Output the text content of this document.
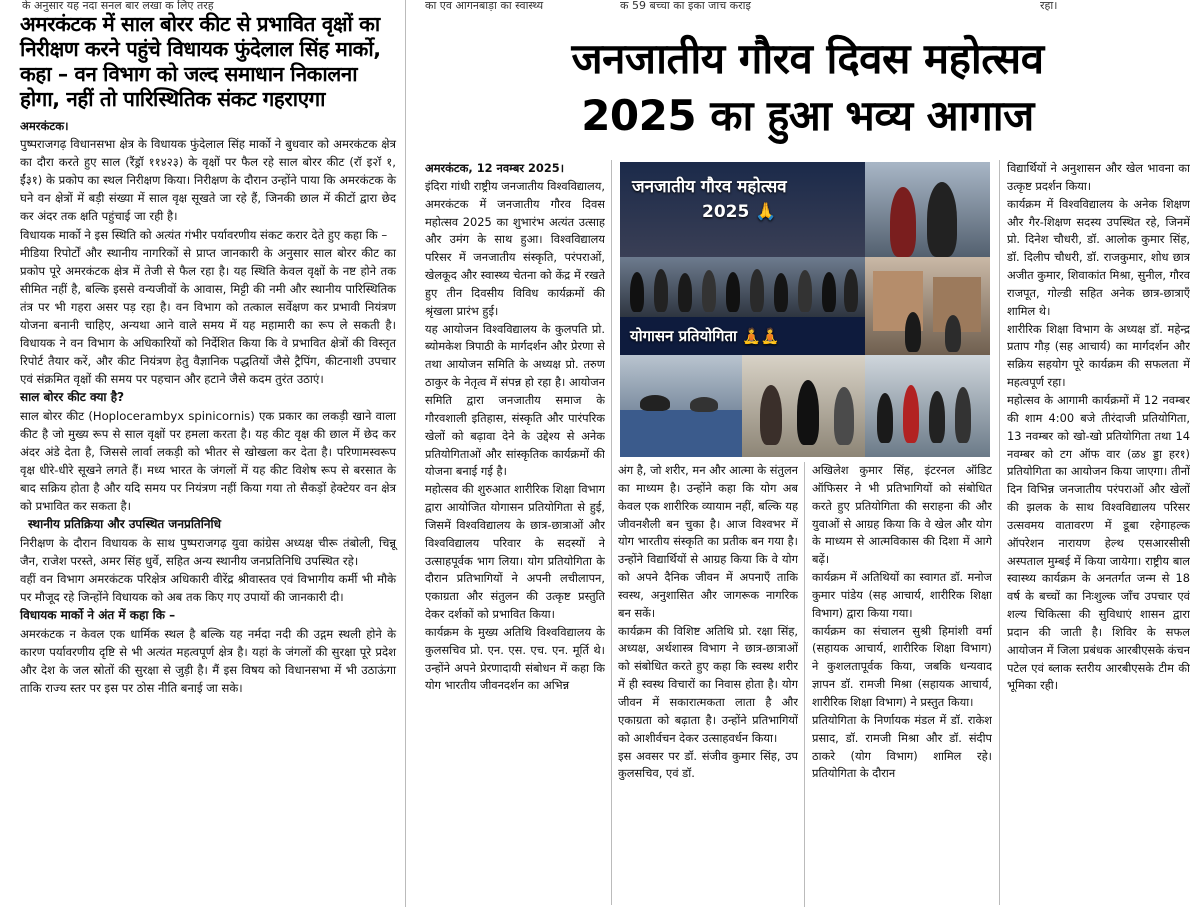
के अनुसार यह नदा सनल बार लखा क लिए तरह	का एव आगनबाड़ा का स्वास्थ्य	क 59 बच्चा का इका जाच कराइ	रहा।
अमरकंटक में साल बोरर कीट से प्रभावित वृक्षों का निरीक्षण करने पहुंचे विधायक फुंदेलाल सिंह मार्को, कहा – वन विभाग को जल्द समाधान निकालना होगा, नहीं तो पारिस्थितिक संकट गहराएगा

अमरकंटक।

पुष्पराजगढ़ विधानसभा क्षेत्र के विधायक फुंदेलाल सिंह मार्को ने बुधवार को अमरकंटक क्षेत्र का दौरा करते हुए साल (रैंड्रॉ ११४२३) के वृक्षों पर फैल रहे साल बोरर कीट (रॉ इ२ॉ १, ईं३१) के प्रकोप का स्थल निरीक्षण किया। निरीक्षण के दौरान उन्होंने पाया कि अमरकंटक के घने वन क्षेत्रों में बड़ी संख्या में साल वृक्ष सूखते जा रहे हैं, जिनकी छाल में कीटों द्वारा छेद कर अंदर तक क्षति पहुंचाई जा रही है।

विधायक मार्को ने इस स्थिति को अत्यंत गंभीर पर्यावरणीय संकट करार देते हुए कहा कि –

मीडिया रिपोर्टों और स्थानीय नागरिकों से प्राप्त जानकारी के अनुसार साल बोरर कीट का प्रकोप पूरे अमरकंटक क्षेत्र में तेजी से फैल रहा है। यह स्थिति केवल वृक्षों के नष्ट होने तक सीमित नहीं है, बल्कि इससे वन्यजीवों के आवास, मिट्टी की नमी और स्थानीय पारिस्थितिक तंत्र पर भी गहरा असर पड़ रहा है। वन विभाग को तत्काल सर्वेक्षण कर प्रभावी नियंत्रण योजना बनानी चाहिए, अन्यथा आने वाले समय में यह महामारी का रूप ले सकती है। विधायक ने वन विभाग के अधिकारियों को निर्देशित किया कि वे प्रभावित क्षेत्रों की विस्तृत रिपोर्ट तैयार करें, और कीट नियंत्रण हेतु वैज्ञानिक पद्धतियों जैसे ट्रैपिंग, कीटनाशी उपचार एवं संक्रमित वृक्षों की समय पर पहचान और हटाने जैसे कदम तुरंत उठाएं।

साल बोरर कीट क्या है?

साल बोरर कीट (Hoplocerambyx spinicornis) एक प्रकार का लकड़ी खाने वाला कीट है जो मुख्य रूप से साल वृक्षों पर हमला करता है। यह कीट वृक्ष की छाल में छेद कर अंदर अंडे देता है, जिससे लार्वा लकड़ी को भीतर से खोखला कर देता है। परिणामस्वरूप वृक्ष धीरे-धीरे सूखने लगते हैं। मध्य भारत के जंगलों में यह कीट विशेष रूप से बरसात के बाद सक्रिय होता है और यदि समय पर नियंत्रण नहीं किया गया तो सैकड़ों हेक्टेयर वन क्षेत्र को प्रभावित कर सकता है।

स्थानीय प्रतिक्रिया और उपस्थित जनप्रतिनिधि

निरीक्षण के दौरान विधायक के साथ पुष्पराजगढ़ युवा कांग्रेस अध्यक्ष चीरू तंबोली, चिन्नू जैन, राजेश परस्ते, अमर सिंह धुर्वे, सहित अन्य स्थानीय जनप्रतिनिधि उपस्थित रहे।

वहीं वन विभाग अमरकंटक परिक्षेत्र अधिकारी वीरेंद्र श्रीवास्तव एवं विभागीय कर्मी भी मौके पर मौजूद रहे जिन्होंने विधायक को अब तक किए गए उपायों की जानकारी दी।

विधायक मार्को ने अंत में कहा कि –

अमरकंटक न केवल एक धार्मिक स्थल है बल्कि यह नर्मदा नदी की उद्गम स्थली होने के कारण पर्यावरणीय दृष्टि से भी अत्यंत महत्वपूर्ण क्षेत्र है। यहां के जंगलों की सुरक्षा पूरे प्रदेश और देश के जल स्रोतों की सुरक्षा से जुड़ी है। मैं इस विषय को विधानसभा में भी उठाऊंगा ताकि राज्य स्तर पर इस पर ठोस नीति बनाई जा सके।

जनजातीय गौरव दिवस महोत्सव
2025 का हुआ भव्य आगाज

अमरकंटक, 12 नवम्बर 2025।

इंदिरा गांधी राष्ट्रीय जनजातीय विश्वविद्यालय, अमरकंटक में जनजातीय गौरव दिवस महोत्सव 2025 का शुभारंभ अत्यंत उत्साह और उमंग के साथ हुआ। विश्वविद्यालय परिसर में जनजातीय संस्कृति, परंपराओं, खेलकूद और स्वास्थ्य चेतना को केंद्र में रखते हुए तीन दिवसीय विविध कार्यक्रमों की श्रृंखला प्रारंभ हुई।

यह आयोजन विश्वविद्यालय के कुलपति प्रो. ब्योमकेश त्रिपाठी के मार्गदर्शन और प्रेरणा से तथा आयोजन समिति के अध्यक्ष प्रो. तरुण ठाकुर के नेतृत्व में संपन्न हो रहा है। आयोजन समिति द्वारा जनजातीय समाज के गौरवशाली इतिहास, संस्कृति और पारंपरिक खेलों को बढ़ावा देने के उद्देश्य से अनेक प्रतियोगिताओं और सांस्कृतिक कार्यक्रमों की योजना बनाई गई है।

महोत्सव की शुरुआत शारीरिक शिक्षा विभाग द्वारा आयोजित योगासन प्रतियोगिता से हुई, जिसमें विश्वविद्यालय के छात्र-छात्राओं और विश्वविद्यालय परिवार के सदस्यों ने उत्साहपूर्वक भाग लिया। योग प्रतियोगिता के दौरान प्रतिभागियों ने अपनी लचीलापन, एकाग्रता और संतुलन की उत्कृष्ट प्रस्तुति देकर दर्शकों को प्रभावित किया।

कार्यक्रम के मुख्य अतिथि विश्वविद्यालय के कुलसचिव प्रो. एन. एस. एच. एन. मूर्ति थे। उन्होंने अपने प्रेरणादायी संबोधन में कहा कि योग भारतीय जीवनदर्शन का अभिन्न

जनजातीय गौरव महोत्सव
2025 🙏
योगासन प्रतियोगिता 🧘🧘

अंग है, जो शरीर, मन और आत्मा के संतुलन का माध्यम है। उन्होंने कहा कि योग अब केवल एक शारीरिक व्यायाम नहीं, बल्कि यह जीवनशैली बन चुका है। आज विश्वभर में योग भारतीय संस्कृति का प्रतीक बन गया है। उन्होंने विद्यार्थियों से आग्रह किया कि वे योग को अपने दैनिक जीवन में अपनाएँ ताकि स्वस्थ, अनुशासित और जागरूक नागरिक बन सकें।

कार्यक्रम की विशिष्ट अतिथि प्रो. रक्षा सिंह, अध्यक्ष, अर्थशास्त्र विभाग ने छात्र-छात्राओं को संबोधित करते हुए कहा कि स्वस्थ शरीर में ही स्वस्थ विचारों का निवास होता है। योग जीवन में सकारात्मकता लाता है और एकाग्रता को बढ़ाता है। उन्होंने प्रतिभागियों को आशीर्वचन देकर उत्साहवर्धन किया।

इस अवसर पर डॉ. संजीव कुमार सिंह, उप कुलसचिव, एवं डॉ.

अखिलेश कुमार सिंह, इंटरनल ऑडिट ऑफिसर ने भी प्रतिभागियों को संबोधित करते हुए प्रतियोगिता की सराहना की और युवाओं से आग्रह किया कि वे खेल और योग के माध्यम से आत्मविकास की दिशा में आगे बढ़ें।

कार्यक्रम में अतिथियों का स्वागत डॉ. मनोज कुमार पांडेय (सह आचार्य, शारीरिक शिक्षा विभाग) द्वारा किया गया।

कार्यक्रम का संचालन सुश्री हिमांशी वर्मा (सहायक आचार्य, शारीरिक शिक्षा विभाग) ने कुशलतापूर्वक किया, जबकि धन्यवाद ज्ञापन डॉ. रामजी मिश्रा (सहायक आचार्य, शारीरिक शिक्षा विभाग) ने प्रस्तुत किया।

प्रतियोगिता के निर्णायक मंडल में डॉ. राकेश प्रसाद, डॉ. रामजी मिश्रा और डॉ. संदीप ठाकरे (योग विभाग) शामिल रहे। प्रतियोगिता के दौरान

विद्यार्थियों ने अनुशासन और खेल भावना का उत्कृष्ट प्रदर्शन किया।

कार्यक्रम में विश्वविद्यालय के अनेक शिक्षण और गैर-शिक्षण सदस्य उपस्थित रहे, जिनमें प्रो. दिनेश चौधरी, डॉ. आलोक कुमार सिंह, डॉ. दिलीप चौधरी, डॉ. राजकुमार, शोध छात्र अजीत कुमार, शिवाकांत मिश्रा, सुनील, गौरव राजपूत, गोल्डी सहित अनेक छात्र-छात्राएँ शामिल थे।

शारीरिक शिक्षा विभाग के अध्यक्ष डॉ. महेन्द्र प्रताप गौड़ (सह आचार्य) का मार्गदर्शन और सक्रिय सहयोग पूरे कार्यक्रम की सफलता में महत्वपूर्ण रहा।

महोत्सव के आगामी कार्यक्रमों में 12 नवम्बर की शाम 4:00 बजे तीरंदाजी प्रतियोगिता, 13 नवम्बर को खो-खो प्रतियोगिता तथा 14 नवम्बर को टग ऑफ वार (ळ४ ड्डा हर१) प्रतियोगिता का आयोजन किया जाएगा। तीनों दिन विभिन्न जनजातीय परंपराओं और खेलों की झलक के साथ विश्वविद्यालय परिसर उत्सवमय वातावरण में डूबा रहेगाहल्क ऑपरेशन नारायण हेल्थ एसआरसीसी अस्पताल मुम्बई में किया जायेगा। राष्ट्रीय बाल स्वास्थ्य कार्यक्रम के अनतर्गत जन्म से 18 वर्ष के बच्चों का निःशुल्क जाँच उपचार एवं शल्य चिकित्सा की सुविधाएं शासन द्वारा प्रदान की जाती है। शिविर के सफल आयोजन में जिला प्रबंधक आरबीएसके कंचन पटेल एवं ब्लाक स्तरीय आरबीएसके टीम की भूमिका रही।
